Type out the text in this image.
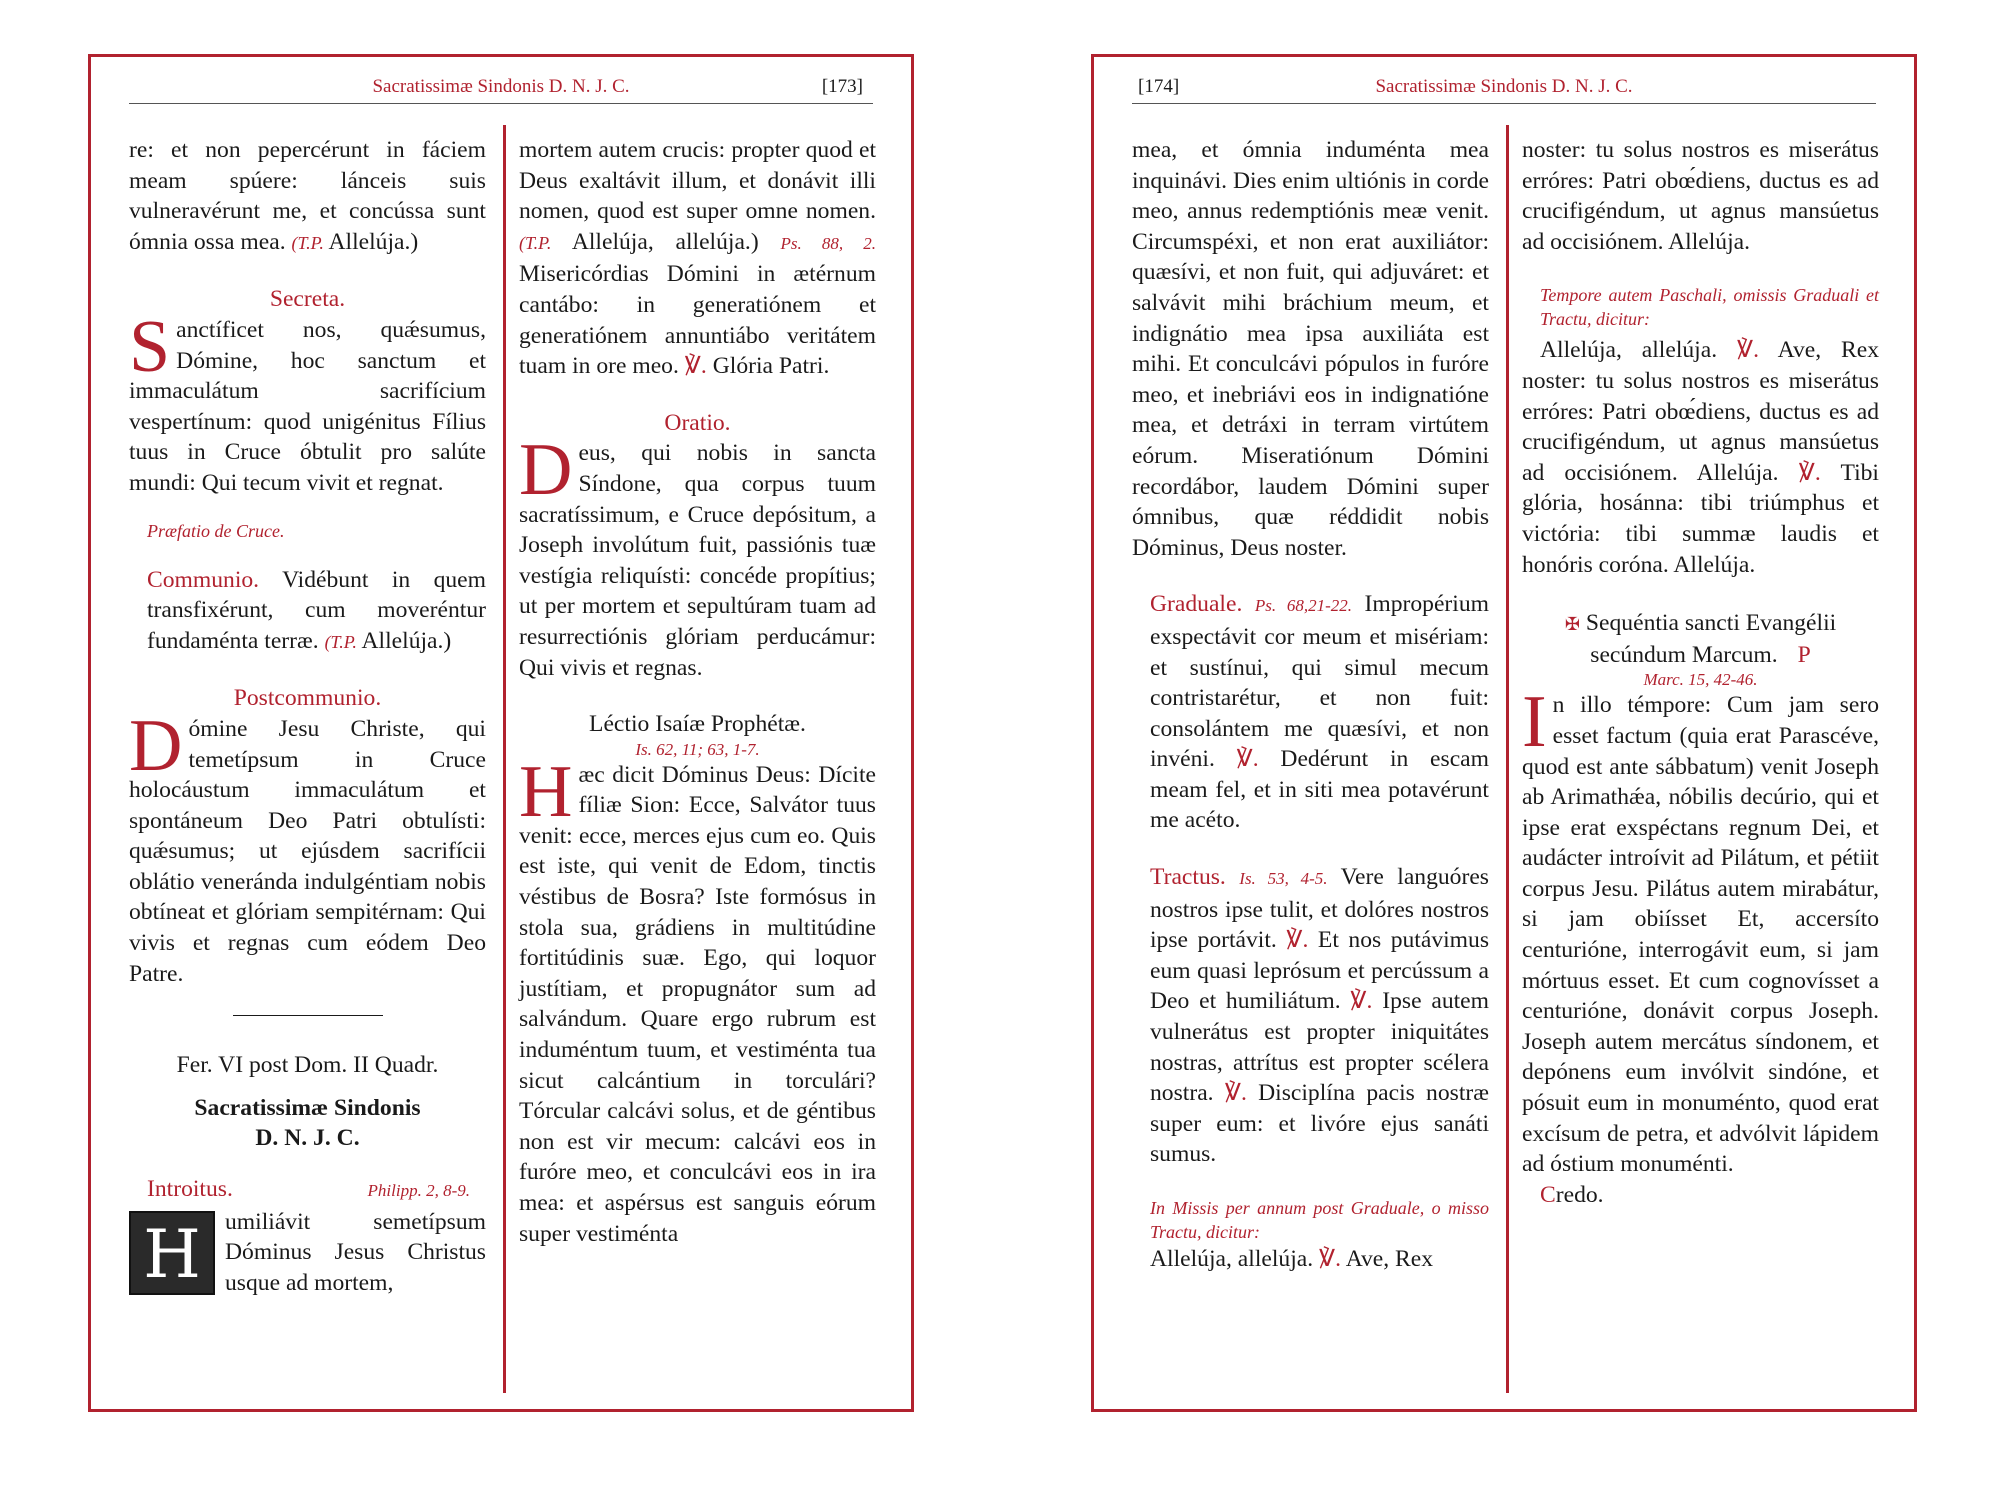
Sacratissimæ Sindonis D. N. J. C.	[173]

re: et non pepercérunt in fáciem meam spúere: lánceis suis vulneravérunt me, et concússa sunt ómnia ossa mea. (T.P. Allelúja.)

Secreta.

Sanctíficet nos, quǽsumus, Dómine, hoc sanctum et immaculátum sacrifícium vespertínum: quod unigénitus Fílius tuus in Cruce óbtulit pro salúte mundi: Qui tecum vivit et regnat.

Præfatio de Cruce.

Communio. Vidébunt in quem transfixérunt, cum moveréntur fundaménta terræ. (T.P. Allelúja.)

Postcommunio.

Dómine Jesu Christe, qui temetípsum in Cruce holocáustum immaculátum et spontáneum Deo Patri obtulísti: quǽsumus; ut ejúsdem sacrifícii oblátio veneránda indulgéntiam nobis obtíneat et glóriam sempitérnam: Qui vivis et regnas cum eódem Deo Patre.

Fer. VI post Dom. II Quadr.

Sacratissimæ Sindonis

D. N. J. C.

Introitus.	Philipp. 2, 8-9.

H	umiliávit semetípsum Dóminus Jesus Christus usque ad mortem,

mortem autem crucis: propter quod et Deus exaltávit illum, et donávit illi nomen, quod est super omne nomen. (T.P. Allelúja, allelúja.) Ps. 88, 2. Misericórdias Dómini in ætérnum cantábo: in generatiónem et generatiónem annuntiábo veritátem tuam in ore meo. ℣. Glória Patri.

Oratio.

Deus, qui nobis in sancta Síndone, qua corpus tuum sacratíssimum, e Cruce depósitum, a Joseph involútum fuit, passiónis tuæ vestígia reliquísti: concéde propítius; ut per mortem et sepultúram tuam ad resurrectiónis glóriam perducámur: Qui vivis et regnas.

Léctio Isaíæ Prophétæ.

Is. 62, 11; 63, 1-7.

Hæc dicit Dóminus Deus: Dícite fíliæ Sion: Ecce, Salvátor tuus venit: ecce, merces ejus cum eo. Quis est iste, qui venit de Edom, tinctis véstibus de Bosra? Iste formósus in stola sua, grádiens in multitúdine fortitúdinis suæ. Ego, qui loquor justítiam, et propugnátor sum ad salvándum. Quare ergo rubrum est induméntum tuum, et vestiménta tua sicut calcántium in torculári? Tórcular calcávi solus, et de géntibus non est vir mecum: calcávi eos in furóre meo, et conculcávi eos in ira mea: et aspérsus est sanguis eórum super vestiménta

[174]	Sacratissimæ Sindonis D. N. J. C.

mea, et ómnia induménta mea inquinávi. Dies enim ultiónis in corde meo, annus redemptiónis meæ venit. Circumspéxi, et non erat auxiliátor: quæsívi, et non fuit, qui adjuváret: et salvávit mihi bráchium meum, et indignátio mea ipsa auxiliáta est mihi. Et conculcávi pópulos in furóre meo, et inebriávi eos in indignatióne mea, et detráxi in terram virtútem eórum. Miseratiónum Dómini recordábor, laudem Dómini super ómnibus, quæ réddidit nobis Dóminus, Deus noster.

Graduale. Ps. 68,21-22. Impropérium exspectávit cor meum et misériam: et sustínui, qui simul mecum contristarétur, et non fuit: consolántem me quæsívi, et non invéni. ℣. Dedérunt in escam meam fel, et in siti mea potavérunt me acéto.

Tractus. Is. 53, 4-5. Vere languóres nostros ipse tulit, et dolóres nostros ipse portávit. ℣. Et nos putávimus eum quasi leprósum et percússum a Deo et humiliátum. ℣. Ipse autem vulnerátus est propter iniquitátes nostras, attrítus est propter scélera nostra. ℣. Disciplína pacis nostræ super eum: et livóre ejus sanáti sumus.

In Missis per annum post Graduale, o misso Tractu, dicitur:

Allelúja, allelúja. ℣. Ave, Rex

noster: tu solus nostros es miserátus erróres: Patri obœ́diens, ductus es ad crucifigéndum, ut agnus mansúetus ad occisiónem. Allelúja.

Tempore autem Paschali, omissis Graduali et Tractu, dicitur:

Allelúja, allelúja. ℣. Ave, Rex noster: tu solus nostros es miserátus erróres: Patri obœ́diens, ductus es ad crucifigéndum, ut agnus mansúetus ad occisiónem. Allelúja. ℣. Tibi glória, hosánna: tibi triúmphus et victória: tibi summæ laudis et honóris coróna. Allelúja.

✠ Sequéntia sancti Evangélii

secúndum Marcum. P

Marc. 15, 42-46.

In illo témpore: Cum jam sero esset factum (quia erat Parascéve, quod est ante sábbatum) venit Joseph ab Arimathǽa, nóbilis decúrio, qui et ipse erat exspéctans regnum Dei, et audácter introívit ad Pilátum, et pétiit corpus Jesu. Pilátus autem mirabátur, si jam obiísset Et, accersíto centurióne, interrogávit eum, si jam mórtuus esset. Et cum cognovísset a centurióne, donávit corpus Joseph. Joseph autem mercátus síndonem, et depónens eum invólvit sindóne, et pósuit eum in monuménto, quod erat excísum de petra, et advólvit lápidem ad óstium monuménti.

Credo.
